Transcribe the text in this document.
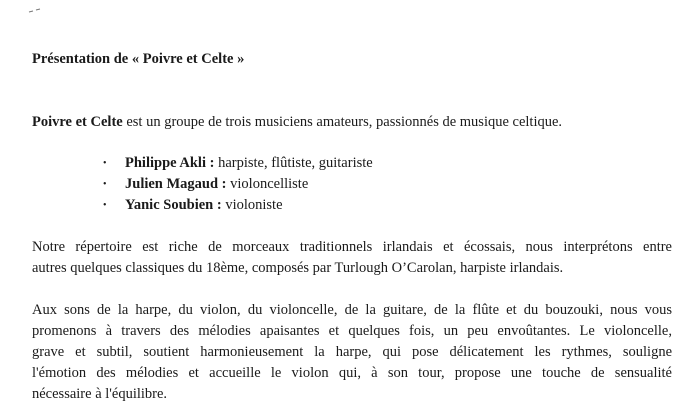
Présentation de « Poivre et Celte »
Poivre et Celte est un groupe de trois musiciens amateurs, passionnés de musique celtique.
• Philippe Akli : harpiste, flûtiste, guitariste
• Julien Magaud : violoncelliste
• Yanic Soubien : violoniste
Notre répertoire est riche de morceaux traditionnels irlandais et écossais, nous interprétons entre
autres quelques classiques du 18ème, composés par Turlough O’Carolan, harpiste irlandais.
Aux sons de la harpe, du violon, du violoncelle, de la guitare, de la flûte et du bouzouki, nous vous
promenons à travers des mélodies apaisantes et quelques fois, un peu envoûtantes. Le violoncelle,
grave et subtil, soutient harmonieusement la harpe, qui pose délicatement les rythmes, souligne
l'émotion des mélodies et accueille le violon qui, à son tour, propose une touche de sensualité
nécessaire à l'équilibre.
